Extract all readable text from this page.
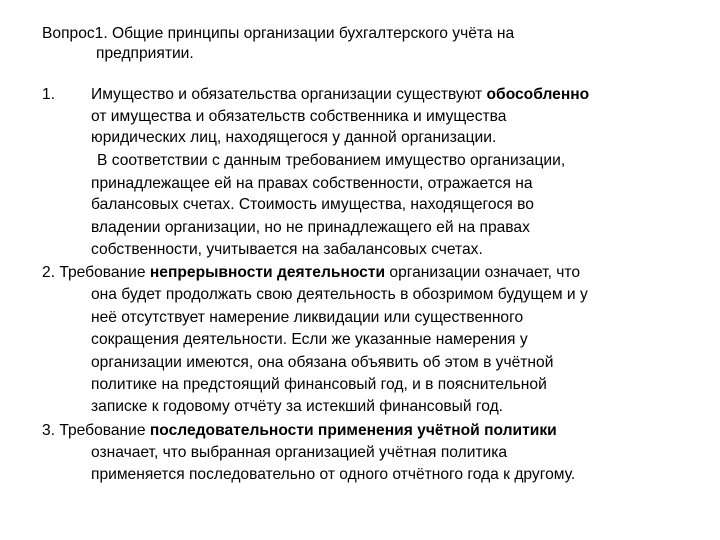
Вопрос1. Общие принципы организации бухгалтерского учёта на
предприятии.
1. Имущество и обязательства организации существуют обособленно
от имущества и обязательств собственника и имущества
юридических лиц, находящегося у данной организации.
В соответствии с данным требованием имущество организации,
принадлежащее ей на правах собственности, отражается на
балансовых счетах. Стоимость имущества, находящегося во
владении организации, но не принадлежащего ей на правах
собственности, учитывается на забалансовых счетах.
2. Требование непрерывности деятельности организации означает, что
она будет продолжать свою деятельность в обозримом будущем и у
неё отсутствует намерение ликвидации или существенного
сокращения деятельности. Если же указанные намерения у
организации имеются, она обязана объявить об этом в учётной
политике на предстоящий финансовый год, и в пояснительной
записке к годовому отчёту за истекший финансовый год.
3. Требование последовательности применения учётной политики
означает, что выбранная организацией учётная политика
применяется последовательно от одного отчётного года к другому.
